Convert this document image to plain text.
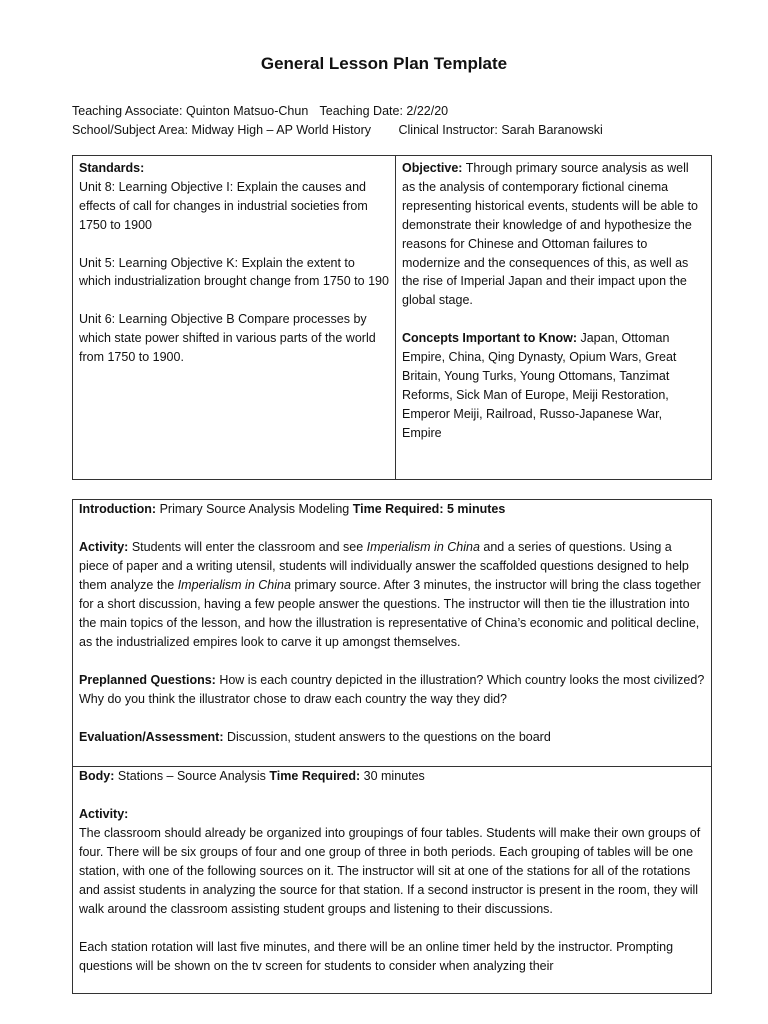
General Lesson Plan Template
Teaching Associate: Quinton Matsuo-Chun Teaching Date: 2/22/20
School/Subject Area: Midway High – AP World History Clinical Instructor: Sarah Baranowski

Standards:

Unit 8: Learning Objective I: Explain the causes and effects of call for changes in industrial societies from 1750 to 1900

Unit 5: Learning Objective K: Explain the extent to which industrialization brought change from 1750 to 190

Unit 6: Learning Objective B Compare processes by which state power shifted in various parts of the world from 1750 to 1900.

Objective: Through primary source analysis as well as the analysis of contemporary fictional cinema representing historical events, students will be able to demonstrate their knowledge of and hypothesize the reasons for Chinese and Ottoman failures to modernize and the consequences of this, as well as the rise of Imperial Japan and their impact upon the global stage.

Concepts Important to Know: Japan, Ottoman Empire, China, Qing Dynasty, Opium Wars, Great Britain, Young Turks, Young Ottomans, Tanzimat Reforms, Sick Man of Europe, Meiji Restoration, Emperor Meiji, Railroad, Russo-Japanese War, Empire

Introduction: Primary Source Analysis Modeling Time Required: 5 minutes

Activity: Students will enter the classroom and see Imperialism in China and a series of questions. Using a piece of paper and a writing utensil, students will individually answer the scaffolded questions designed to help them analyze the Imperialism in China primary source. After 3 minutes, the instructor will bring the class together for a short discussion, having a few people answer the questions. The instructor will then tie the illustration into the main topics of the lesson, and how the illustration is representative of China’s economic and political decline, as the industrialized empires look to carve it up amongst themselves.

Preplanned Questions: How is each country depicted in the illustration? Which country looks the most civilized? Why do you think the illustrator chose to draw each country the way they did?

Evaluation/Assessment: Discussion, student answers to the questions on the board

Body: Stations – Source Analysis Time Required: 30 minutes

Activity:

The classroom should already be organized into groupings of four tables. Students will make their own groups of four. There will be six groups of four and one group of three in both periods. Each grouping of tables will be one station, with one of the following sources on it. The instructor will sit at one of the stations for all of the rotations and assist students in analyzing the source for that station. If a second instructor is present in the room, they will walk around the classroom assisting student groups and listening to their discussions.

Each station rotation will last five minutes, and there will be an online timer held by the instructor. Prompting questions will be shown on the tv screen for students to consider when analyzing their
